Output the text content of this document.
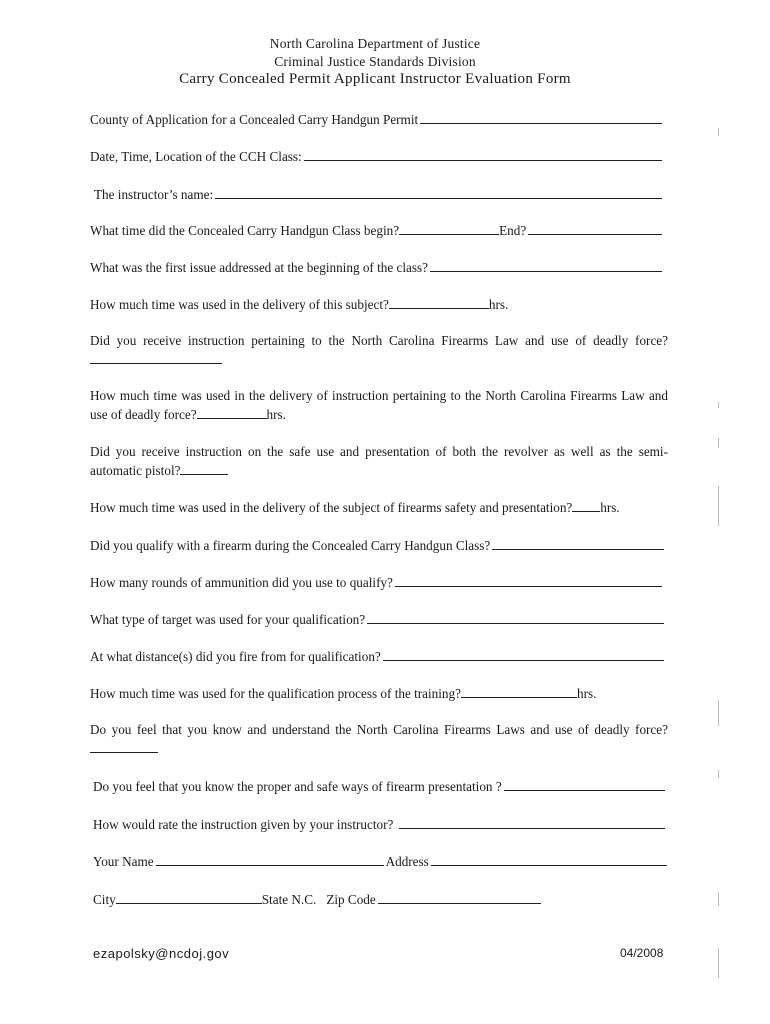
North Carolina Department of Justice
Criminal Justice Standards Division
Carry Concealed Permit Applicant Instructor Evaluation Form
County of Application for a Concealed Carry Handgun Permit
Date, Time, Location of the CCH Class:
The instructor’s name:
What time did the Concealed Carry Handgun Class begin?	End?
What was the first issue addressed at the beginning of the class?
How much time was used in the delivery of this subject?	hrs.
Did you receive instruction pertaining to the North Carolina Firearms Law and use of deadly force?
How much time was used in the delivery of instruction pertaining to the North Carolina Firearms Law and use of deadly force?	hrs.
Did you receive instruction on the safe use and presentation of both the revolver as well as the semi-automatic pistol?
How much time was used in the delivery of the subject of firearms safety and presentation? hrs.
Did you qualify with a firearm during the Concealed Carry Handgun Class?
How many rounds of ammunition did you use to qualify?
What type of target was used for your qualification?
At what distance(s) did you fire from for qualification?
How much time was used for the qualification process of the training?	hrs.
Do you feel that you know and understand the North Carolina Firearms Laws and use of deadly force?
Do you feel that you know the proper and safe ways of firearm presentation ?
How would rate the instruction given by your instructor?
Your Name	Address
City	State N.C. Zip Code
ezapolsky@ncdoj.gov	04/2008
